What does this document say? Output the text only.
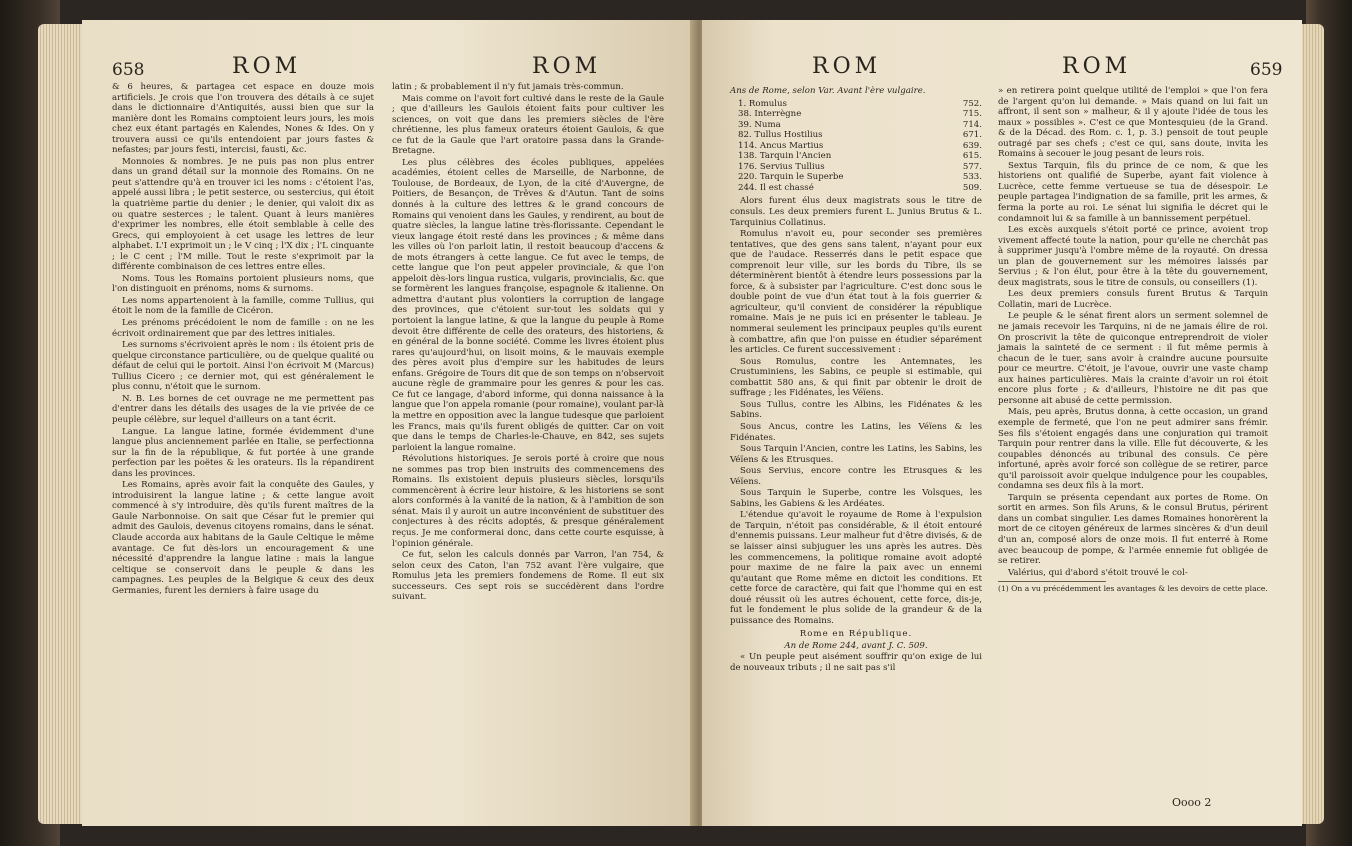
658	ROM	ROM

& 6 heures, & partagea cet espace en douze mois artificiels. Je crois que l'on trouvera des détails à ce sujet dans le dictionnaire d'Antiquités, aussi bien que sur la manière dont les Romains comptoient leurs jours, les mois chez eux étant partagés en Kalendes, Nones & Ides. On y trouvera aussi ce qu'ils entendoient par jours fastes & nefastes; par jours festi, intercisi, fausti, &c.

Monnoies & nombres. Je ne puis pas non plus entrer dans un grand détail sur la monnoie des Romains. On ne peut s'attendre qu'à en trouver ici les noms : c'étoient l'as, appelé aussi libra ; le petit sesterce, ou sestercius, qui étoit la quatrième partie du denier ; le denier, qui valoit dix as ou quatre sesterces ; le talent. Quant à leurs manières d'exprimer les nombres, elle étoit semblable à celle des Grecs, qui employoient à cet usage les lettres de leur alphabet. L'I exprimoit un ; le V cinq ; l'X dix ; l'L cinquante ; le C cent ; l'M mille. Tout le reste s'exprimoit par la différente combinaison de ces lettres entre elles.

Noms. Tous les Romains portoient plusieurs noms, que l'on distinguoit en prénoms, noms & surnoms.

Les noms appartenoient à la famille, comme Tullius, qui étoit le nom de la famille de Cicéron.

Les prénoms précédoient le nom de famille : on ne les écrivoit ordinairement que par des lettres initiales.

Les surnoms s'écrivoient après le nom : ils étoient pris de quelque circonstance particulière, ou de quelque qualité ou défaut de celui qui le portoit. Ainsi l'on écrivoit M (Marcus) Tullius Cicero ; ce dernier mot, qui est généralement le plus connu, n'étoit que le surnom.

N. B. Les bornes de cet ouvrage ne me permettent pas d'entrer dans les détails des usages de la vie privée de ce peuple célèbre, sur lequel d'ailleurs on a tant écrit.

Langue. La langue latine, formée évidemment d'une langue plus anciennement parlée en Italie, se perfectionna sur la fin de la république, & fut portée à une grande perfection par les poëtes & les orateurs. Ils la répandirent dans les provinces.

Les Romains, après avoir fait la conquête des Gaules, y introduisirent la langue latine ; & cette langue avoit commencé à s'y introduire, dès qu'ils furent maîtres de la Gaule Narbonnoise. On sait que César fut le premier qui admit des Gaulois, devenus citoyens romains, dans le sénat. Claude accorda aux habitans de la Gaule Celtique le même avantage. Ce fut dès-lors un encouragement & une nécessité d'apprendre la langue latine : mais la langue celtique se conservoit dans le peuple & dans les campagnes. Les peuples de la Belgique & ceux des deux Germanies, furent les derniers à faire usage du

latin ; & probablement il n'y fut jamais très-commun.

Mais comme on l'avoit fort cultivé dans le reste de la Gaule ; que d'ailleurs les Gaulois étoient faits pour cultiver les sciences, on voit que dans les premiers siècles de l'ère chrétienne, les plus fameux orateurs étoient Gaulois, & que ce fut de la Gaule que l'art oratoire passa dans la Grande-Bretagne.

Les plus célèbres des écoles publiques, appelées académies, étoient celles de Marseille, de Narbonne, de Toulouse, de Bordeaux, de Lyon, de la cité d'Auvergne, de Poitiers, de Besançon, de Trêves & d'Autun. Tant de soins donnés à la culture des lettres & le grand concours de Romains qui venoient dans les Gaules, y rendirent, au bout de quatre siècles, la langue latine très-florissante. Cependant le vieux langage étoit resté dans les provinces ; & même dans les villes où l'on parloit latin, il restoit beaucoup d'accens & de mots étrangers à cette langue. Ce fut avec le temps, de cette langue que l'on peut appeler provinciale, & que l'on appeloit dès-lors lingua rustica, vulgaris, provincialis, &c. que se formèrent les langues françoise, espagnole & italienne. On admettra d'autant plus volontiers la corruption de langage des provinces, que c'étoient sur-tout les soldats qui y portoient la langue latine, & que la langue du peuple à Rome devoit être différente de celle des orateurs, des historiens, & en général de la bonne société. Comme les livres étoient plus rares qu'aujourd'hui, on lisoit moins, & le mauvais exemple des pères avoit plus d'empire sur les habitudes de leurs enfans. Grégoire de Tours dit que de son temps on n'observoit aucune règle de grammaire pour les genres & pour les cas. Ce fut ce langage, d'abord informe, qui donna naissance à la langue que l'on appela romanie (pour romaine), voulant par-là la mettre en opposition avec la langue tudesque que parloient les Francs, mais qu'ils furent obligés de quitter. Car on voit que dans le temps de Charles-le-Chauve, en 842, ses sujets parloient la langue romaine.

Révolutions historiques. Je serois porté à croire que nous ne sommes pas trop bien instruits des commencemens des Romains. Ils existoient depuis plusieurs siècles, lorsqu'ils commencèrent à écrire leur histoire, & les historiens se sont alors conformés à la vanité de la nation, & à l'ambition de son sénat. Mais il y auroit un autre inconvénient de substituer des conjectures à des récits adoptés, & presque généralement reçus. Je me conformerai donc, dans cette courte esquisse, à l'opinion générale.

Ce fut, selon les calculs donnés par Varron, l'an 754, & selon ceux des Caton, l'an 752 avant l'ère vulgaire, que Romulus jeta les premiers fondemens de Rome. Il eut six successeurs. Ces sept rois se succédèrent dans l'ordre suivant.

ROM	ROM	659

Ans de Rome, selon Var. Avant l'ère vulgaire.

1. Romulus	752.
38. Interrègne	715.
39. Numa	714.
82. Tullus Hostilius	671.
114. Ancus Martius	639.
138. Tarquin l'Ancien	615.
176. Servius Tullius	577.
220. Tarquin le Superbe	533.
244. Il est chassé	509.

Alors furent élus deux magistrats sous le titre de consuls. Les deux premiers furent L. Junius Brutus & L. Tarquinius Collatinus.

Romulus n'avoit eu, pour seconder ses premières tentatives, que des gens sans talent, n'ayant pour eux que de l'audace. Resserrés dans le petit espace que comprenoit leur ville, sur les bords du Tibre, ils se déterminèrent bientôt à étendre leurs possessions par la force, & à subsister par l'agriculture. C'est donc sous le double point de vue d'un état tout à la fois guerrier & agriculteur, qu'il convient de considérer la république romaine. Mais je ne puis ici en présenter le tableau. Je nommerai seulement les principaux peuples qu'ils eurent à combattre, afin que l'on puisse en étudier séparément les articles. Ce furent successivement :

Sous Romulus, contre les Antemnates, les Crustuminiens, les Sabins, ce peuple si estimable, qui combattit 580 ans, & qui finit par obtenir le droit de suffrage ; les Fidénates, les Véïens.

Sous Tullus, contre les Albins, les Fidénates & les Sabins.

Sous Ancus, contre les Latins, les Véïens & les Fidénates.

Sous Tarquin l'Ancien, contre les Latins, les Sabins, les Véïens & les Etrusques.

Sous Servius, encore contre les Etrusques & les Véïens.

Sous Tarquin le Superbe, contre les Volsques, les Sabins, les Gabiens & les Ardéates.

L'étendue qu'avoit le royaume de Rome à l'expulsion de Tarquin, n'étoit pas considérable, & il étoit entouré d'ennemis puissans. Leur malheur fut d'être divisés, & de se laisser ainsi subjuguer les uns après les autres. Dès les commencemens, la politique romaine avoit adopté pour maxime de ne faire la paix avec un ennemi qu'autant que Rome même en dictoit les conditions. Et cette force de caractère, qui fait que l'homme qui en est doué réussit où les autres échouent, cette force, dis-je, fut le fondement le plus solide de la grandeur & de la puissance des Romains.

Rome en République.

An de Rome 244, avant J. C. 509.

« Un peuple peut aisément souffrir qu'on exige de lui de nouveaux tributs ; il ne sait pas s'il

» en retirera point quelque utilité de l'emploi » que l'on fera de l'argent qu'on lui demande. » Mais quand on lui fait un affront, il sent son » malheur, & il y ajoute l'idée de tous les maux » possibles ». C'est ce que Montesquieu (de la Grand. & de la Décad. des Rom. c. 1, p. 3.) pensoit de tout peuple outragé par ses chefs ; c'est ce qui, sans doute, invita les Romains à secouer le joug pesant de leurs rois.

Sextus Tarquin, fils du prince de ce nom, & que les historiens ont qualifié de Superbe, ayant fait violence à Lucrèce, cette femme vertueuse se tua de désespoir. Le peuple partagea l'indignation de sa famille, prit les armes, & ferma la porte au roi. Le sénat lui signifia le décret qui le condamnoit lui & sa famille à un bannissement perpétuel.

Les excès auxquels s'étoit porté ce prince, avoient trop vivement affecté toute la nation, pour qu'elle ne cherchât pas à supprimer jusqu'à l'ombre même de la royauté. On dressa un plan de gouvernement sur les mémoires laissés par Servius ; & l'on élut, pour être à la tête du gouvernement, deux magistrats, sous le titre de consuls, ou conseillers (1).

Les deux premiers consuls furent Brutus & Tarquin Collatin, mari de Lucrèce.

Le peuple & le sénat firent alors un serment solemnel de ne jamais recevoir les Tarquins, ni de ne jamais élire de roi. On proscrivit la tête de quiconque entreprendroit de violer jamais la sainteté de ce serment : il fut même permis à chacun de le tuer, sans avoir à craindre aucune poursuite pour ce meurtre. C'étoit, je l'avoue, ouvrir une vaste champ aux haines particulières. Mais la crainte d'avoir un roi étoit encore plus forte ; & d'ailleurs, l'histoire ne dit pas que personne ait abusé de cette permission.

Mais, peu après, Brutus donna, à cette occasion, un grand exemple de fermeté, que l'on ne peut admirer sans frémir. Ses fils s'étoient engagés dans une conjuration qui tramoit Tarquin pour rentrer dans la ville. Elle fut découverte, & les coupables dénoncés au tribunal des consuls. Ce père infortuné, après avoir forcé son collègue de se retirer, parce qu'il paroissoit avoir quelque indulgence pour les coupables, condamna ses deux fils à la mort.

Tarquin se présenta cependant aux portes de Rome. On sortit en armes. Son fils Aruns, & le consul Brutus, périrent dans un combat singulier. Les dames Romaines honorèrent la mort de ce citoyen généreux de larmes sincères & d'un deuil d'un an, composé alors de onze mois. Il fut enterré à Rome avec beaucoup de pompe, & l'armée ennemie fut obligée de se retirer.

Valérius, qui d'abord s'étoit trouvé le col-

(1) On a vu précédemment les avantages & les devoirs de cette place.

Oooo 2
